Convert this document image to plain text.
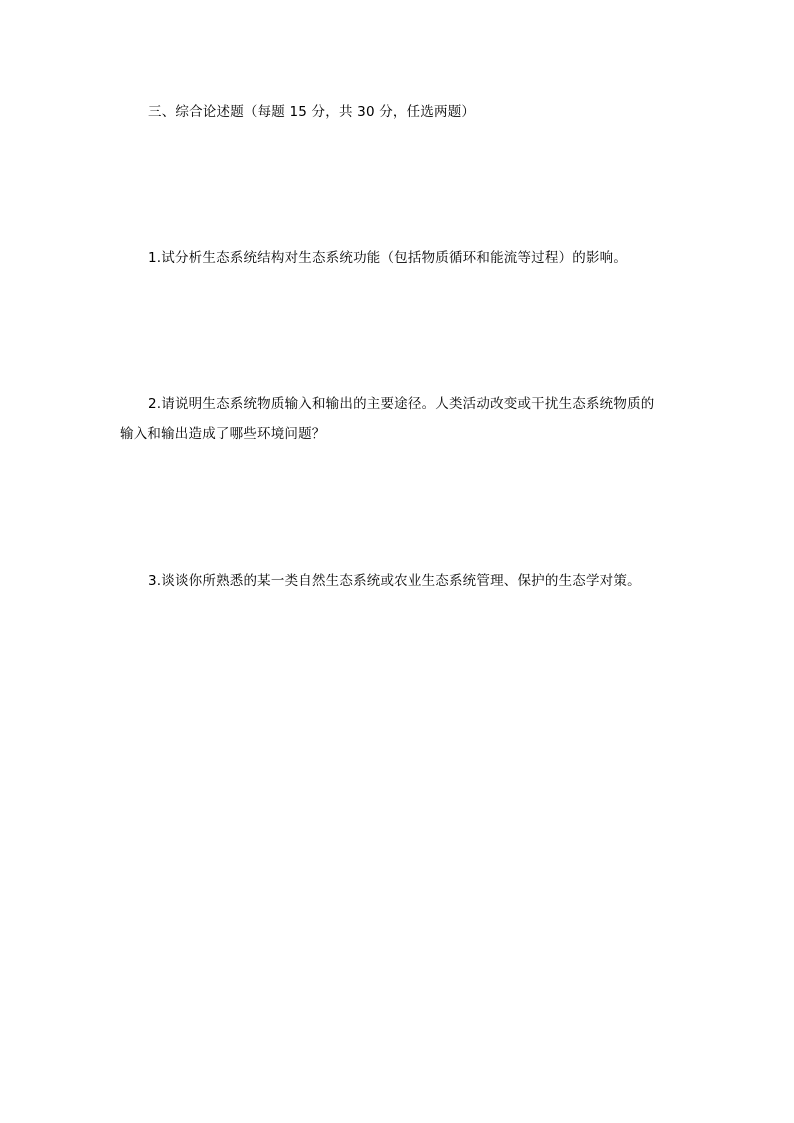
三、综合论述题（每题 15 分，共 30 分，任选两题）
1.试分析生态系统结构对生态系统功能（包括物质循环和能流等过程）的影响。
2.请说明生态系统物质输入和输出的主要途径。人类活动改变或干扰生态系统物质的
输入和输出造成了哪些环境问题？
3.谈谈你所熟悉的某一类自然生态系统或农业生态系统管理、保护的生态学对策。
